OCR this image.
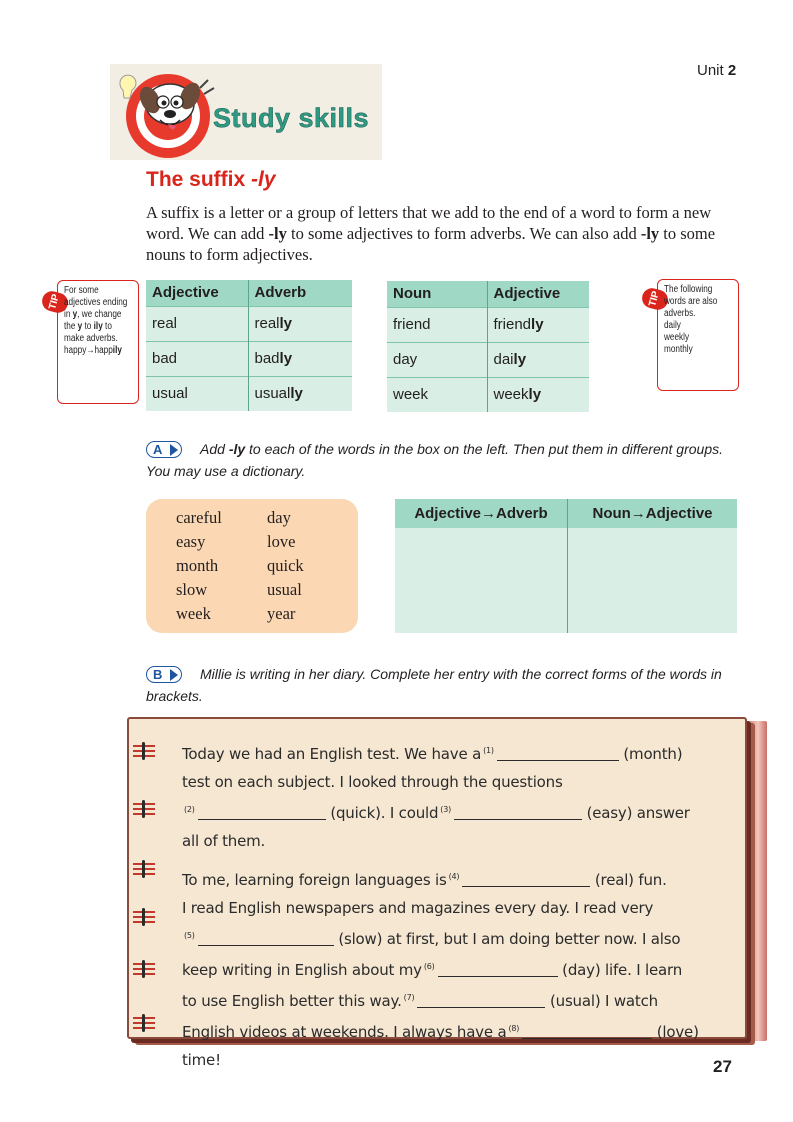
Unit 2
Study skills
The suffix -ly

A suffix is a letter or a group of letters that we add to the end of a word to form a new word. We can add -ly to some adjectives to form adverbs. We can also add -ly to some nouns to form adjectives.

TIP
For some adjectives ending in y, we change the y to ily to make adverbs.
happy→happily
Adjective	Adverb
real	really
bad	badly
usual	usually
Noun	Adjective
friend	friendly
day	daily
week	weekly
TIP
The following words are also adverbs.
daily
weekly
monthly
A	Add -ly to each of the words in the box on the left. Then put them in different groups. You may use a dictionary.
careful
easy
month
slow
week
day
love
quick
usual
year
Adjective→Adverb	Noun→Adjective
B	Millie is writing in her diary. Complete her entry with the correct forms of the words in brackets.
Today we had an English test. We have a $^{(1)}$	(month)
test on each subject. I looked through the questions
$^{(2)}$	(quick). I could $^{(3)}$	(easy) answer
all of them.
To me, learning foreign languages is $^{(4)}$	(real) fun.
I read English newspapers and magazines every day. I read very
$^{(5)}$	(slow) at first, but I am doing better now. I also
keep writing in English about my $^{(6)}$	(day) life. I learn
to use English better this way. $^{(7)}$	(usual) I watch
English videos at weekends. I always have a $^{(8)}$	(love)
time!	27
